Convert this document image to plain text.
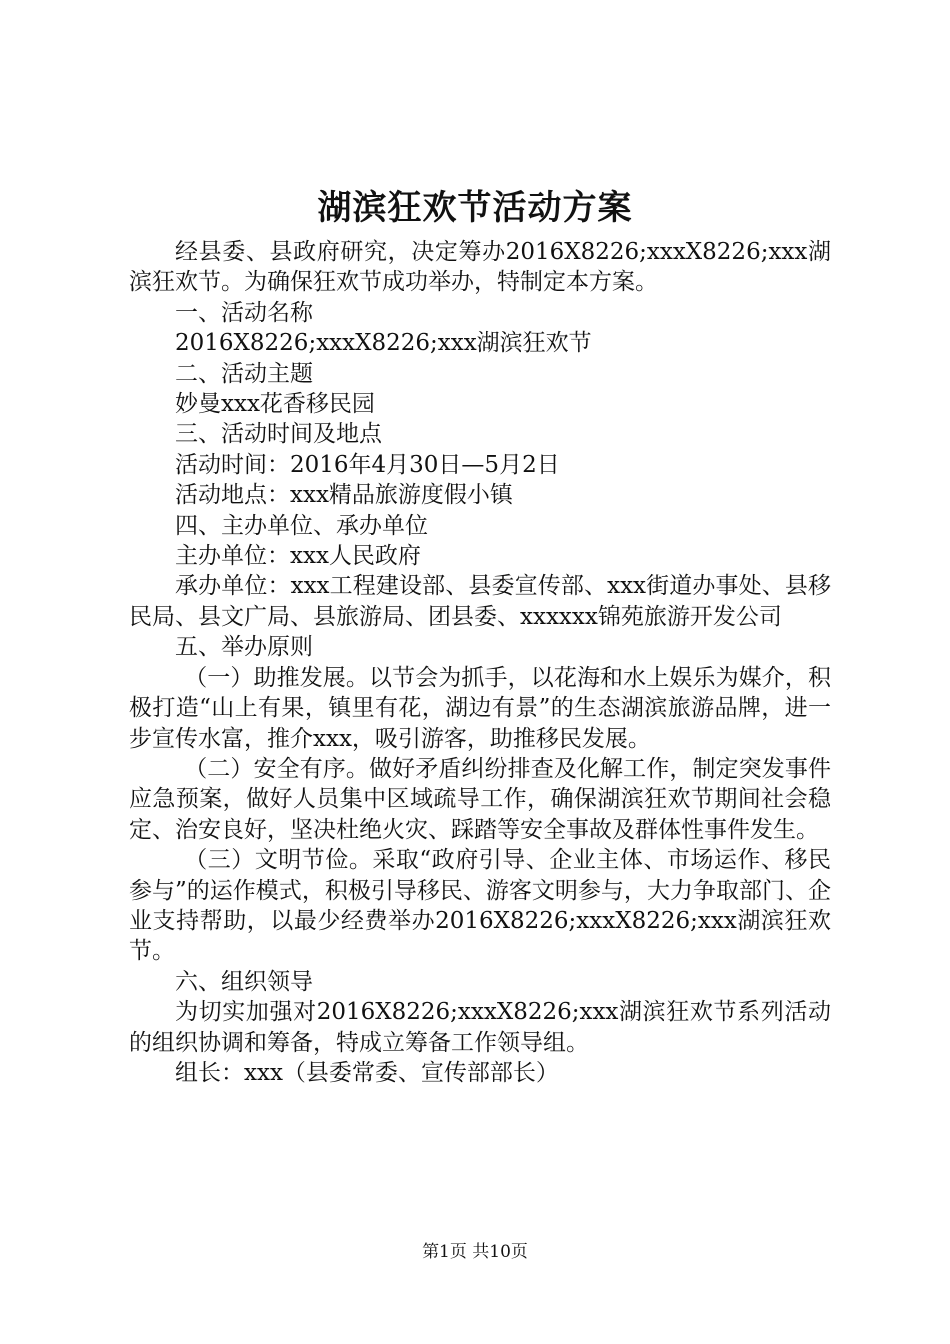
湖滨狂欢节活动方案

经县委、县政府研究，决定筹办2016X8226;xxxX8226;xxx湖滨狂欢节。为确保狂欢节成功举办，特制定本方案。

一、活动名称

2016X8226;xxxX8226;xxx湖滨狂欢节

二、活动主题

妙曼xxx花香移民园

三、活动时间及地点

活动时间：2016年4月30日—5月2日

活动地点：xxx精品旅游度假小镇

四、主办单位、承办单位

主办单位：xxx人民政府

承办单位：xxx工程建设部、县委宣传部、xxx街道办事处、县移民局、县文广局、县旅游局、团县委、xxxxxx锦苑旅游开发公司

五、举办原则

（一）助推发展。以节会为抓手，以花海和水上娱乐为媒介，积极打造“山上有果，镇里有花，湖边有景”的生态湖滨旅游品牌，进一步宣传水富，推介xxx，吸引游客，助推移民发展。

（二）安全有序。做好矛盾纠纷排查及化解工作，制定突发事件应急预案，做好人员集中区域疏导工作，确保湖滨狂欢节期间社会稳定、治安良好，坚决杜绝火灾、踩踏等安全事故及群体性事件发生。

（三）文明节俭。采取“政府引导、企业主体、市场运作、移民参与”的运作模式，积极引导移民、游客文明参与，大力争取部门、企业支持帮助，以最少经费举办2016X8226;xxxX8226;xxx湖滨狂欢节。

六、组织领导

为切实加强对2016X8226;xxxX8226;xxx湖滨狂欢节系列活动的组织协调和筹备，特成立筹备工作领导组。

组长：xxx（县委常委、宣传部部长）

第1页 共10页
